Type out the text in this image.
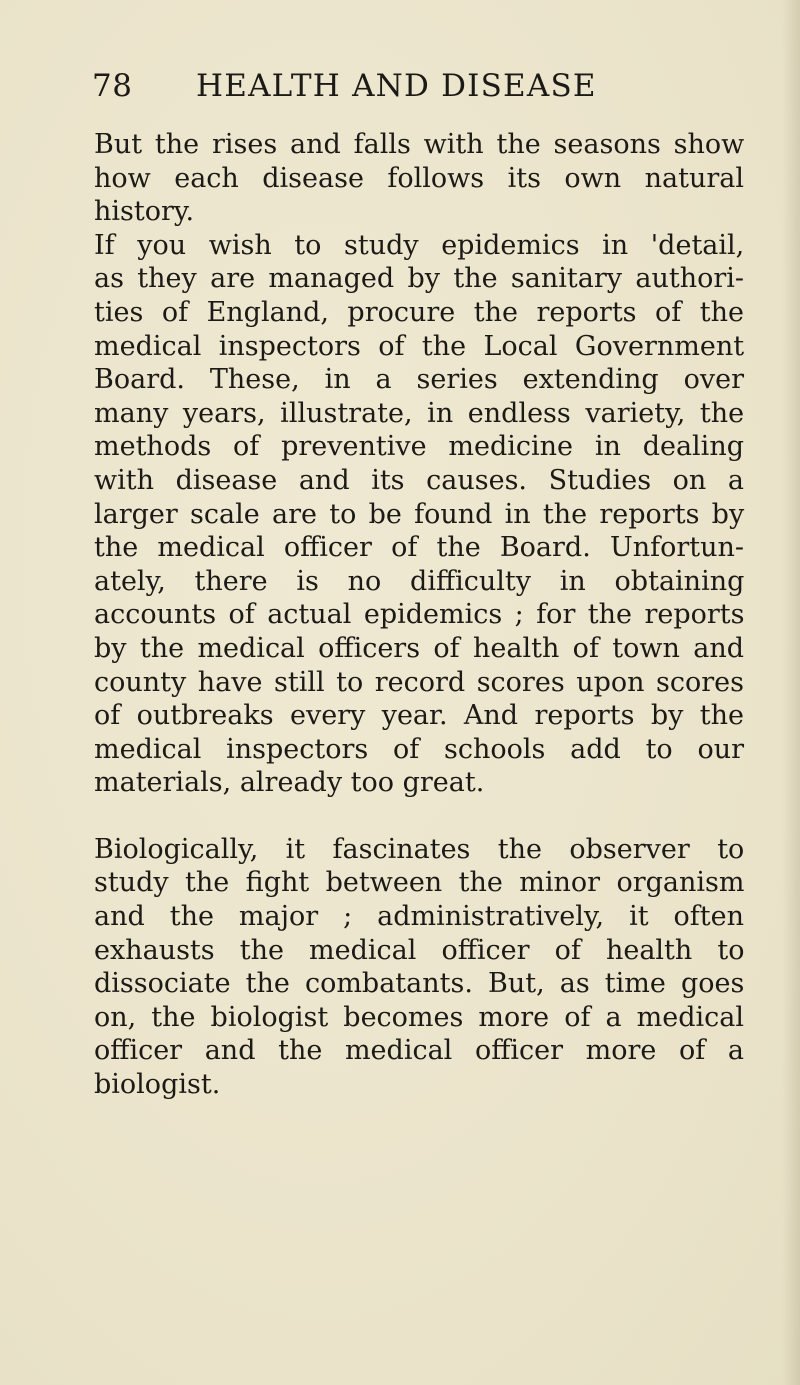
78 HEALTH AND DISEASE

But the rises and falls with the seasons show
how each disease follows its own natural
history.

If you wish to study epidemics in 'detail,
as they are managed by the sanitary authori-
ties of England, procure the reports of the
medical inspectors of the Local Government
Board. These, in a series extending over
many years, illustrate, in endless variety, the
methods of preventive medicine in dealing
with disease and its causes. Studies on a
larger scale are to be found in the reports by
the medical officer of the Board. Unfortun-
ately, there is no difficulty in obtaining
accounts of actual epidemics ; for the reports
by the medical officers of health of town and
county have still to record scores upon scores
of outbreaks every year. And reports by the
medical inspectors of schools add to our
materials, already too great.

Biologically, it fascinates the observer to
study the fight between the minor organism
and the major ; administratively, it often
exhausts the medical officer of health to
dissociate the combatants. But, as time goes
on, the biologist becomes more of a medical
officer and the medical officer more of a
biologist.
